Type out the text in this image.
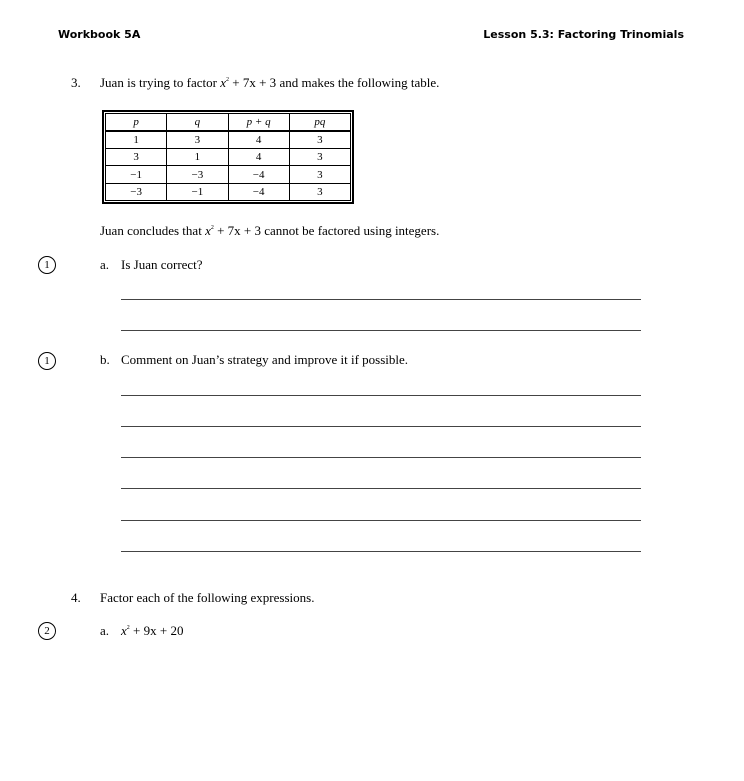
Workbook 5A	Lesson 5.3: Factoring Trinomials
3. Juan is trying to factor $x^2 + 7x + 3$ and makes the following table.
p	q	p + q	pq
1	3	4	3
3	1	4	3
−1	−3	−4	3
−3	−1	−4	3
Juan concludes that $x^2 + 7x + 3$ cannot be factored using integers.
1	a. Is Juan correct?
1	b. Comment on Juan’s strategy and improve it if possible.
4. Factor each of the following expressions.
2	a. $x^2 + 9x + 20$
